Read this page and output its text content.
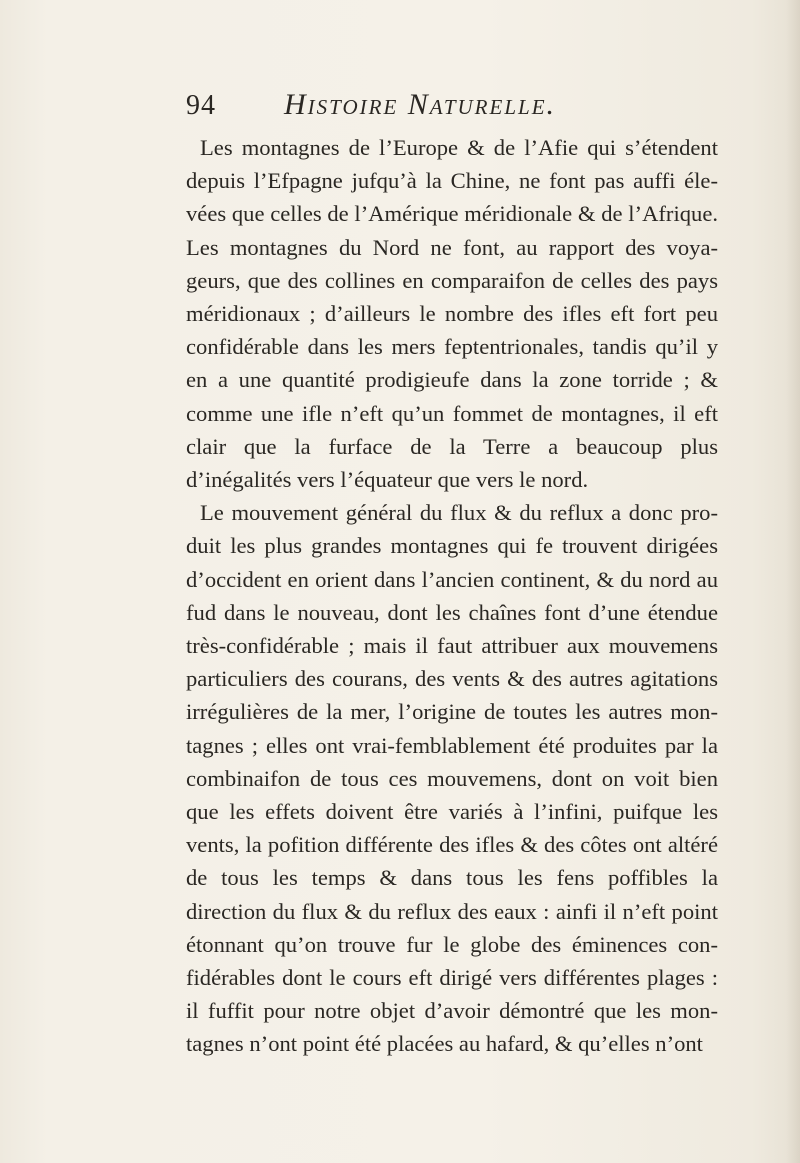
94 Histoire Naturelle.

Les montagnes de l’Europe & de l’Afie qui s’étendent depuis l’Efpagne jufqu’à la Chine, ne font pas auffi éle-vées que celles de l’Amérique méridionale & de l’Afrique. Les montagnes du Nord ne font, au rapport des voya-geurs, que des collines en comparaifon de celles des pays méridionaux ; d’ailleurs le nombre des ifles eft fort peu confidérable dans les mers feptentrionales, tandis qu’il y en a une quantité prodigieufe dans la zone torride ; & comme une ifle n’eft qu’un fommet de montagnes, il eft clair que la furface de la Terre a beaucoup plus d’inégalités vers l’équateur que vers le nord.

Le mouvement général du flux & du reflux a donc pro-duit les plus grandes montagnes qui fe trouvent dirigées d’occident en orient dans l’ancien continent, & du nord au fud dans le nouveau, dont les chaînes font d’une étendue très-confidérable ; mais il faut attribuer aux mouvemens particuliers des courans, des vents & des autres agitations irrégulières de la mer, l’origine de toutes les autres mon-tagnes ; elles ont vrai-femblablement été produites par la combinaifon de tous ces mouvemens, dont on voit bien que les effets doivent être variés à l’infini, puifque les vents, la pofition différente des ifles & des côtes ont altéré de tous les temps & dans tous les fens poffibles la direction du flux & du reflux des eaux : ainfi il n’eft point étonnant qu’on trouve fur le globe des éminences con-fidérables dont le cours eft dirigé vers différentes plages : il fuffit pour notre objet d’avoir démontré que les mon-tagnes n’ont point été placées au hafard, & qu’elles n’ont
